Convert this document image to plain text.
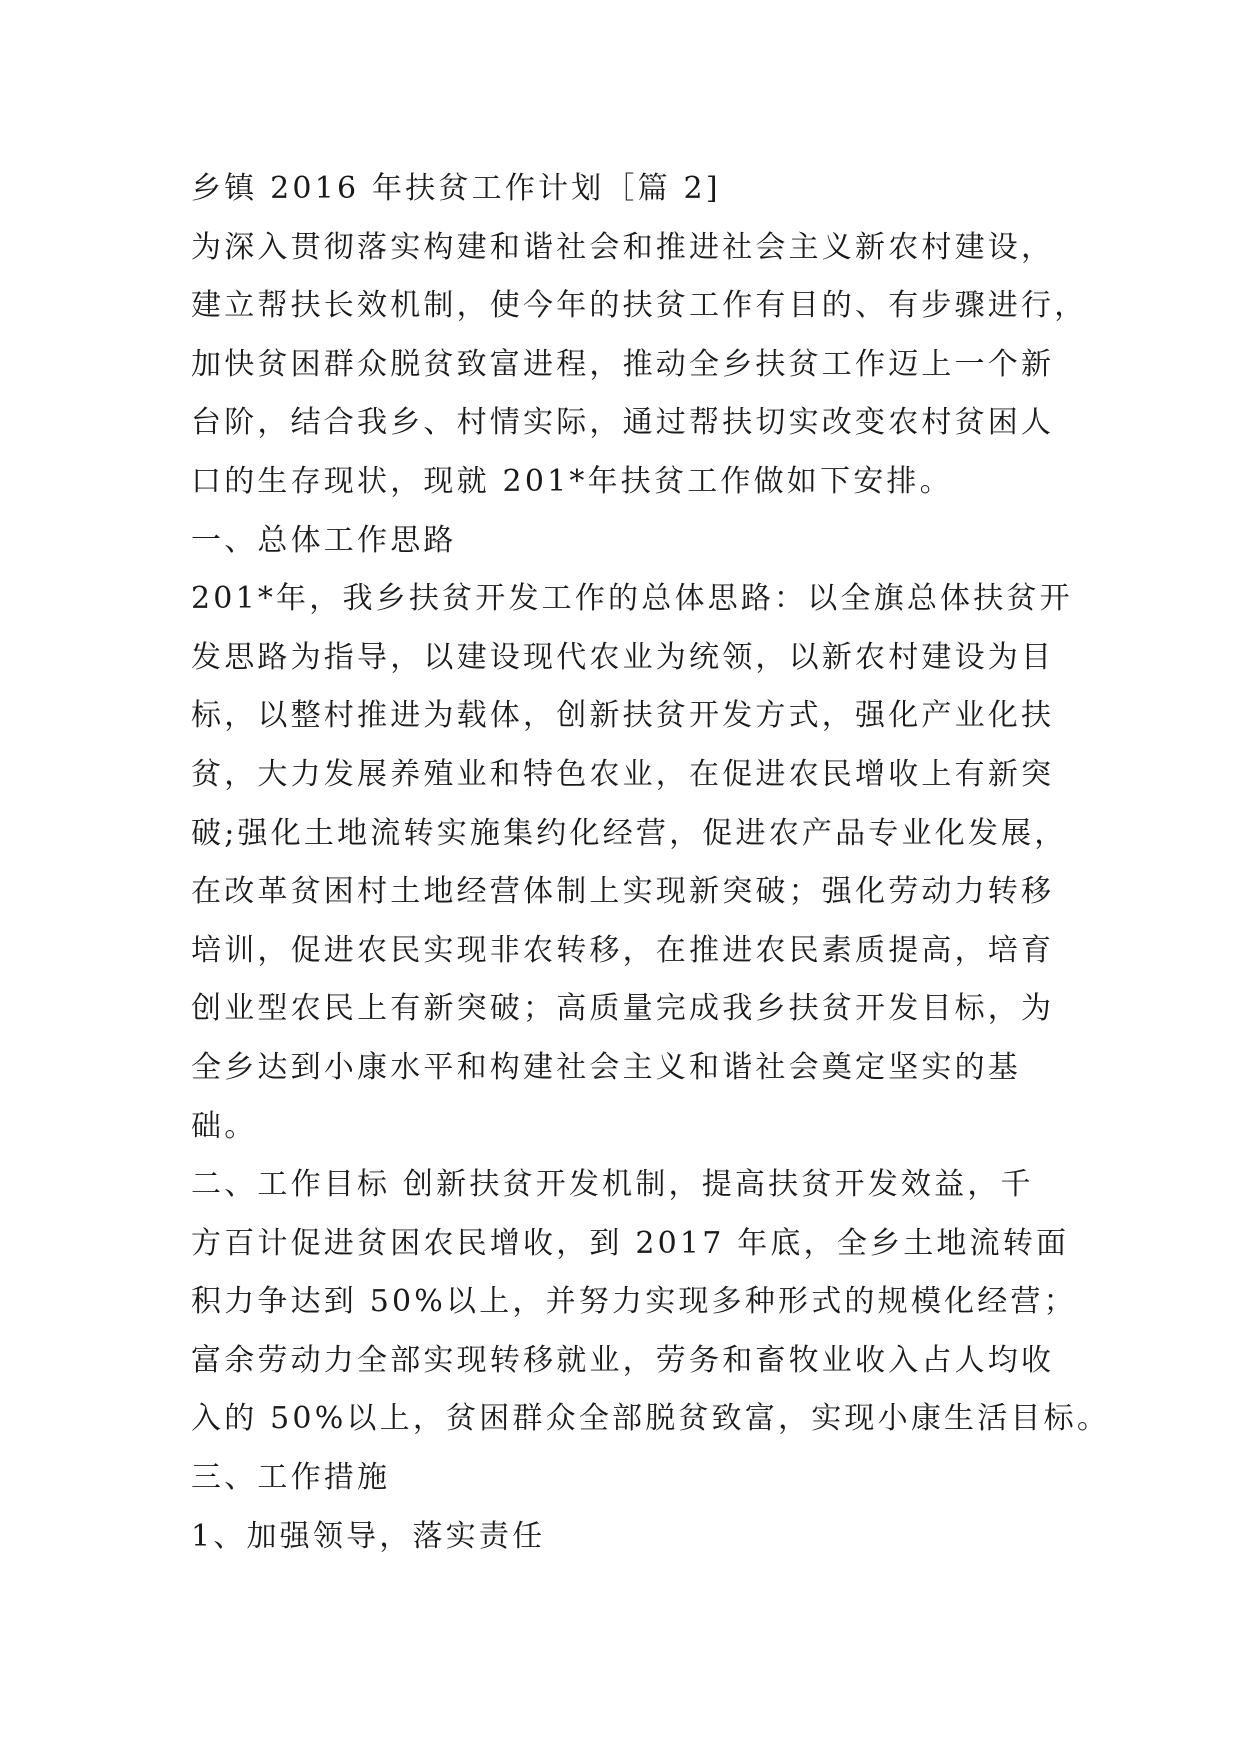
乡镇 2016 年扶贫工作计划［篇 2]
为深入贯彻落实构建和谐社会和推进社会主义新农村建设，
建立帮扶长效机制，使今年的扶贫工作有目的、有步骤进行，
加快贫困群众脱贫致富进程，推动全乡扶贫工作迈上一个新
台阶，结合我乡、村情实际，通过帮扶切实改变农村贫困人
口的生存现状，现就 201*年扶贫工作做如下安排。
一、总体工作思路
201*年，我乡扶贫开发工作的总体思路：以全旗总体扶贫开
发思路为指导，以建设现代农业为统领，以新农村建设为目
标，以整村推进为载体，创新扶贫开发方式，强化产业化扶
贫，大力发展养殖业和特色农业，在促进农民增收上有新突
破;强化土地流转实施集约化经营，促进农产品专业化发展，
在改革贫困村土地经营体制上实现新突破；强化劳动力转移
培训，促进农民实现非农转移，在推进农民素质提高，培育
创业型农民上有新突破；高质量完成我乡扶贫开发目标，为
全乡达到小康水平和构建社会主义和谐社会奠定坚实的基
础。
二、工作目标 创新扶贫开发机制，提高扶贫开发效益，千
方百计促进贫困农民增收，到 2017 年底，全乡土地流转面
积力争达到 50%以上，并努力实现多种形式的规模化经营；
富余劳动力全部实现转移就业，劳务和畜牧业收入占人均收
入的 50%以上，贫困群众全部脱贫致富，实现小康生活目标。
三、工作措施
1、加强领导，落实责任
